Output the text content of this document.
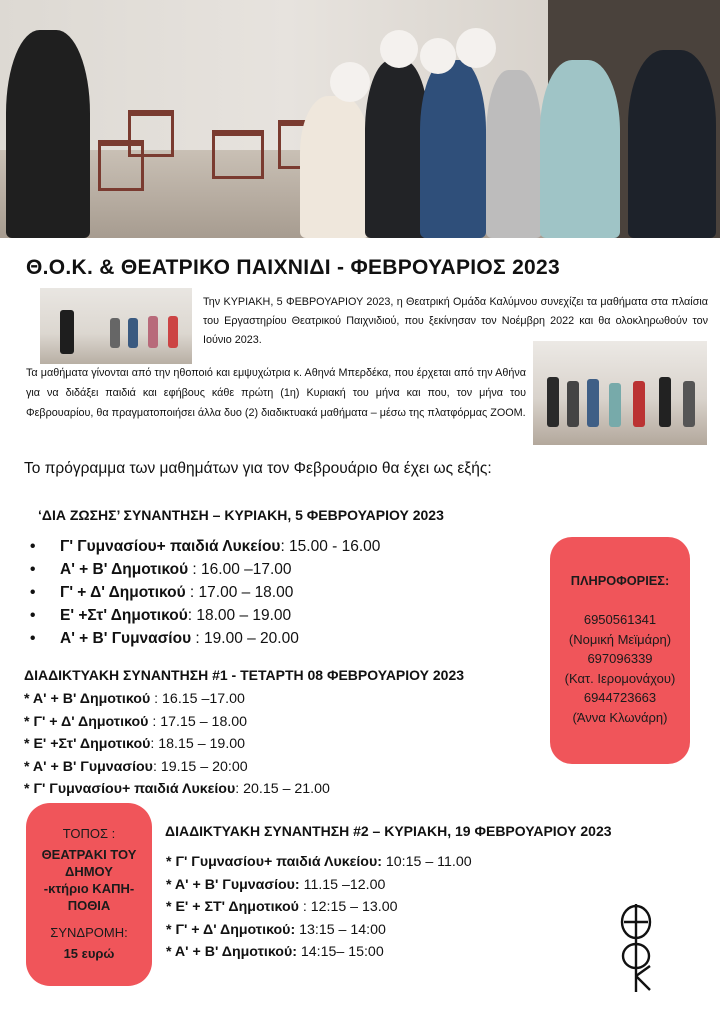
Θ.Ο.Κ. & ΘΕΑΤΡΙΚΟ ΠΑΙΧΝΙΔΙ - ΦΕΒΡΟΥΑΡΙΟΣ 2023
Την ΚΥΡΙΑΚΗ, 5 ΦΕΒΡΟΥΑΡΙΟΥ 2023, η Θεατρική Ομάδα Καλύμνου συνεχίζει τα μαθήματα στα πλαίσια του Εργαστηρίου Θεατρικού Παιχνιδιού, που ξεκίνησαν τον Νοέμβρη 2022 και θα ολοκληρωθούν τον Ιούνιο 2023.
Τα μαθήματα γίνονται από την ηθοποιό και εμψυχώτρια κ. Αθηνά Μπερδέκα, που έρχεται από την Αθήνα για να διδάξει παιδιά και εφήβους κάθε πρώτη (1η) Κυριακή του μήνα και που, τον μήνα του Φεβρουαρίου, θα πραγματοποιήσει άλλα δυο (2) διαδικτυακά μαθήματα – μέσω της πλατφόρμας ZOOM.
Το πρόγραμμα των μαθημάτων για τον Φεβρουάριο θα έχει ως εξής:
‘ΔΙΑ ΖΩΣΗΣ’ ΣΥΝΑΝΤΗΣΗ – ΚΥΡΙΑΚΗ, 5 ΦΕΒΡΟΥΑΡΙΟΥ 2023
• Γ' Γυμνασίου+ παιδιά Λυκείου: 15.00 - 16.00
• Α' + Β' Δημοτικού : 16.00 –17.00
• Γ' + Δ' Δημοτικού : 17.00 – 18.00
• Ε' +Στ' Δημοτικού: 18.00 – 19.00
• Α' + Β' Γυμνασίου : 19.00 – 20.00
ΔΙΑΔΙΚΤΥΑΚΗ ΣΥΝΑΝΤΗΣΗ #1 - ΤΕΤΑΡΤΗ 08 ΦΕΒΡΟΥΑΡΙΟΥ 2023
* Α' + Β' Δημοτικού : 16.15 –17.00
* Γ' + Δ' Δημοτικού : 17.15 – 18.00
* Ε' +Στ' Δημοτικού: 18.15 – 19.00
* Α' + Β' Γυμνασίου: 19.15 – 20:00
* Γ' Γυμνασίου+ παιδιά Λυκείου: 20.15 – 21.00
ΔΙΑΔΙΚΤΥΑΚΗ ΣΥΝΑΝΤΗΣΗ #2 – ΚΥΡΙΑΚΗ, 19 ΦΕΒΡΟΥΑΡΙΟΥ 2023
* Γ' Γυμνασίου+ παιδιά Λυκείου: 10:15 – 11.00
* Α' + Β' Γυμνασίου: 11.15 –12.00
* Ε' + ΣΤ' Δημοτικού : 12:15 – 13.00
* Γ' + Δ' Δημοτικού: 13:15 – 14:00
* Α' + Β' Δημοτικού: 14:15– 15:00
ΠΛΗΡΟΦΟΡΙΕΣ:
6950561341
(Νομική Μεϊμάρη)
697096339
(Κατ. Ιερομονάχου)
6944723663
(Άννα Κλωνάρη)
ΤΟΠΟΣ :
ΘΕΑΤΡΑΚΙ ΤΟΥ
ΔΗΜΟΥ
-κτήριο ΚΑΠΗ-
ΠΟΘΙΑ
ΣΥΝΔΡΟΜΗ:
15 ευρώ
